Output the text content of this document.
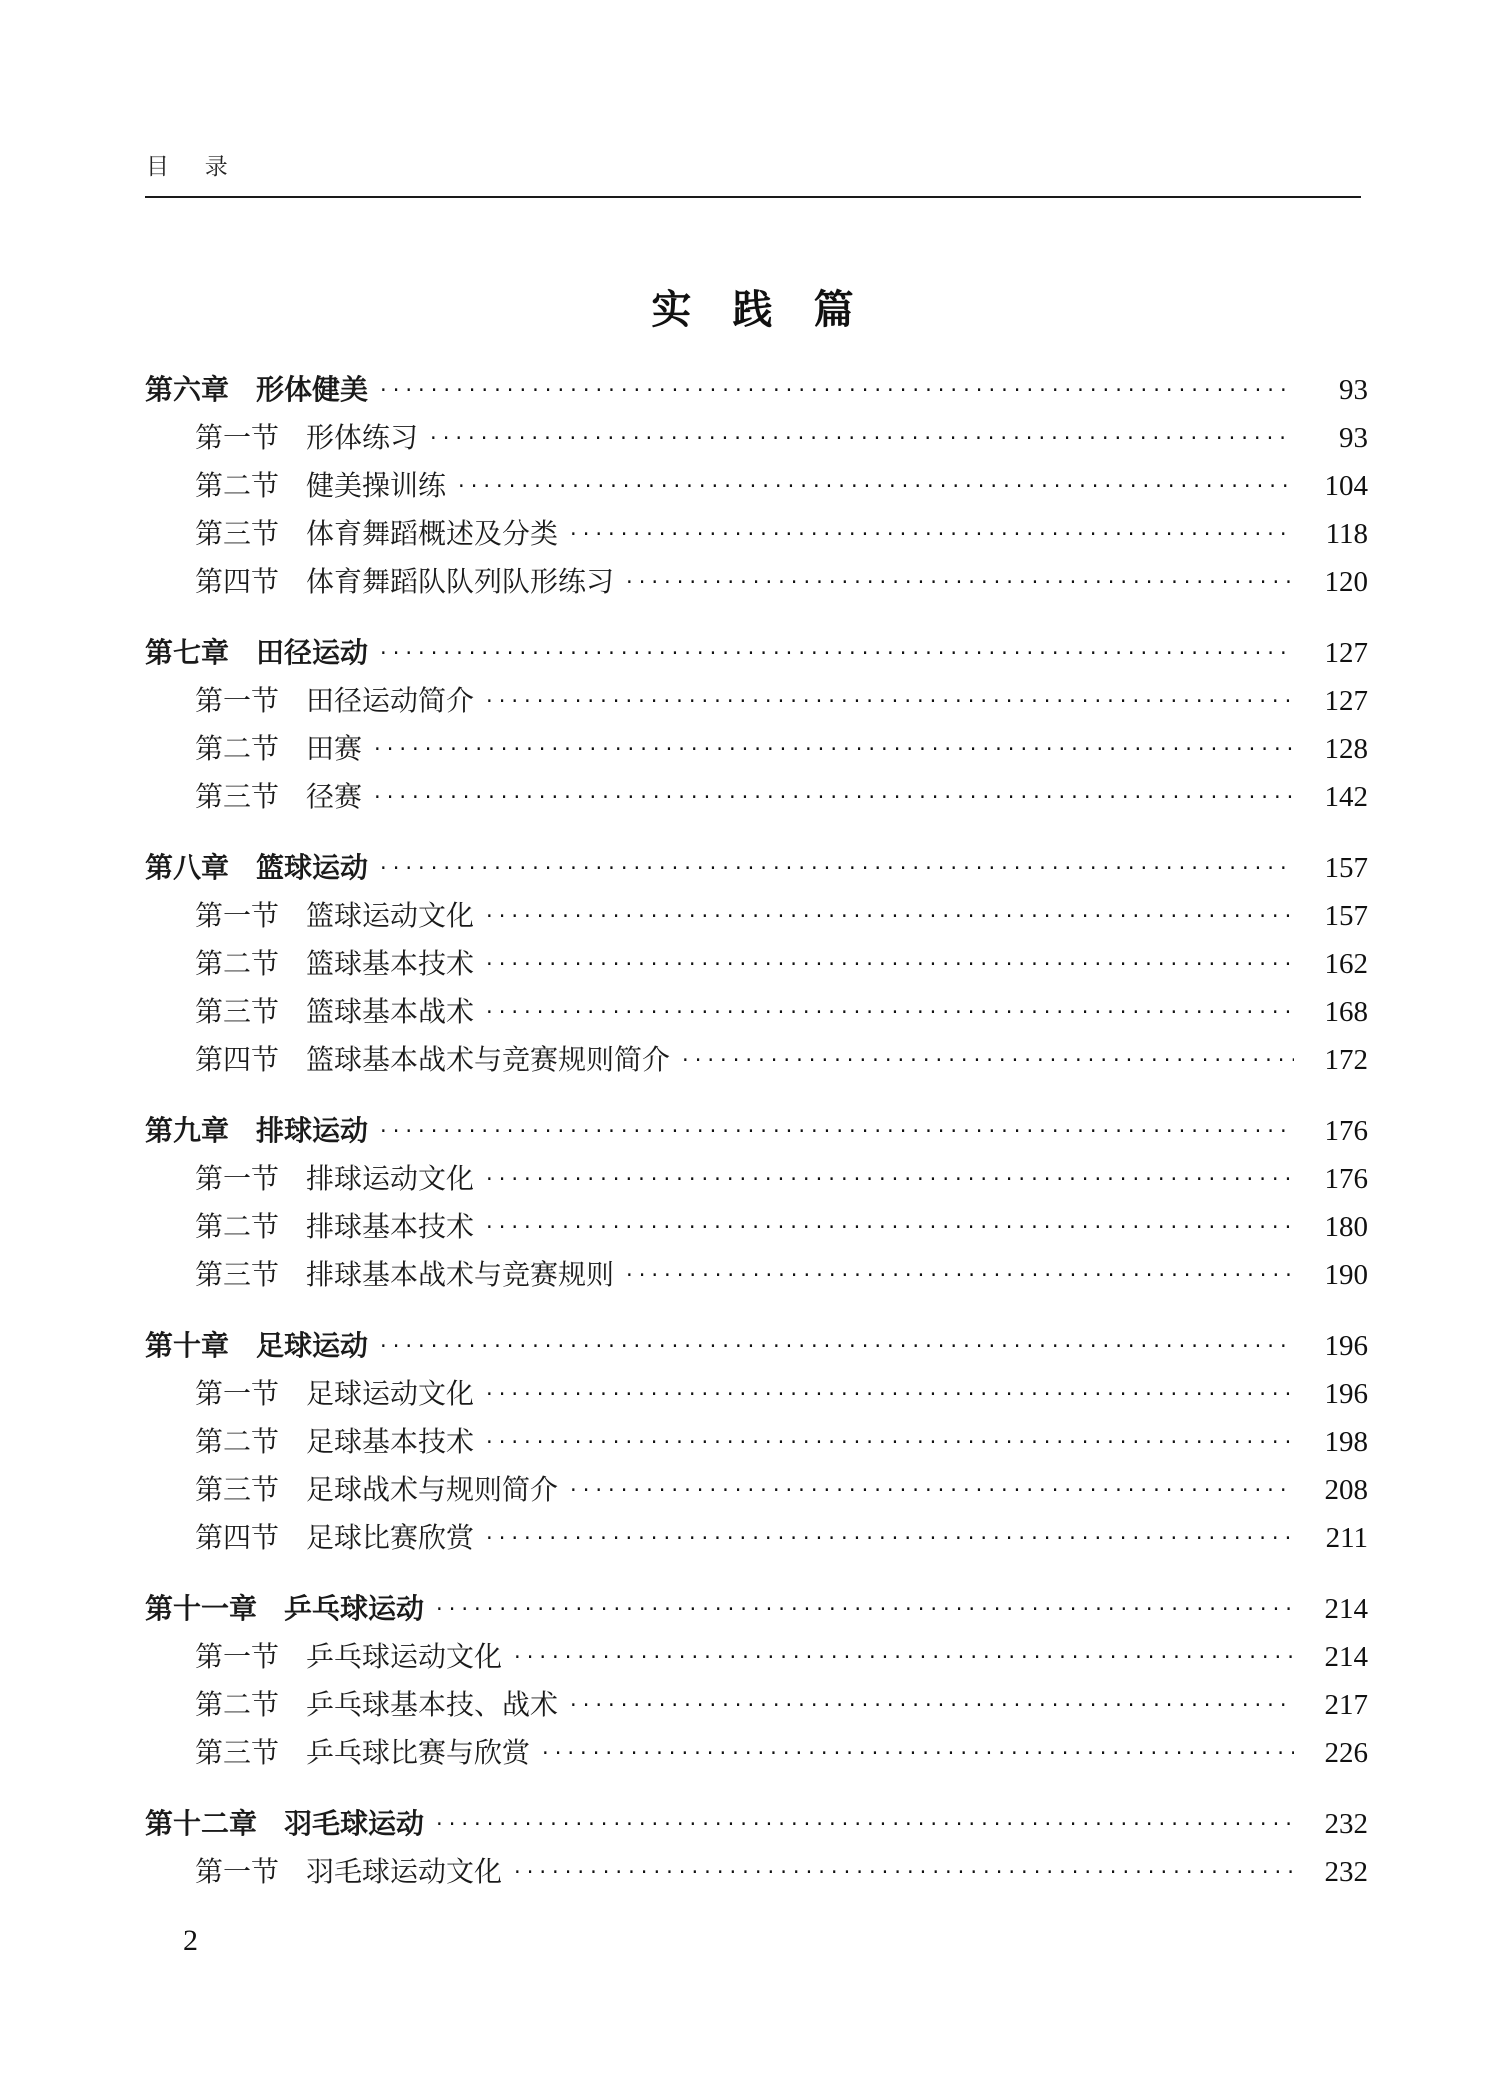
目 录
实 践 篇
第六章 形体健美 ·····	93
第一节 形体练习 ·····	93
第二节 健美操训练 ·····	104
第三节 体育舞蹈概述及分类 ·····	118
第四节 体育舞蹈队队列队形练习 ·····	120
第七章 田径运动 ·····	127
第一节 田径运动简介 ·····	127
第二节 田赛 ·····	128
第三节 径赛 ·····	142
第八章 篮球运动 ·····	157
第一节 篮球运动文化 ·····	157
第二节 篮球基本技术 ·····	162
第三节 篮球基本战术 ·····	168
第四节 篮球基本战术与竞赛规则简介 ·····	172
第九章 排球运动 ·····	176
第一节 排球运动文化 ·····	176
第二节 排球基本技术 ·····	180
第三节 排球基本战术与竞赛规则 ·····	190
第十章 足球运动 ·····	196
第一节 足球运动文化 ·····	196
第二节 足球基本技术 ·····	198
第三节 足球战术与规则简介 ·····	208
第四节 足球比赛欣赏 ·····	211
第十一章 乒乓球运动 ·····	214
第一节 乒乓球运动文化 ·····	214
第二节 乒乓球基本技、战术 ·····	217
第三节 乒乓球比赛与欣赏 ·····	226
第十二章 羽毛球运动 ·····	232
第一节 羽毛球运动文化 ·····	232
2
